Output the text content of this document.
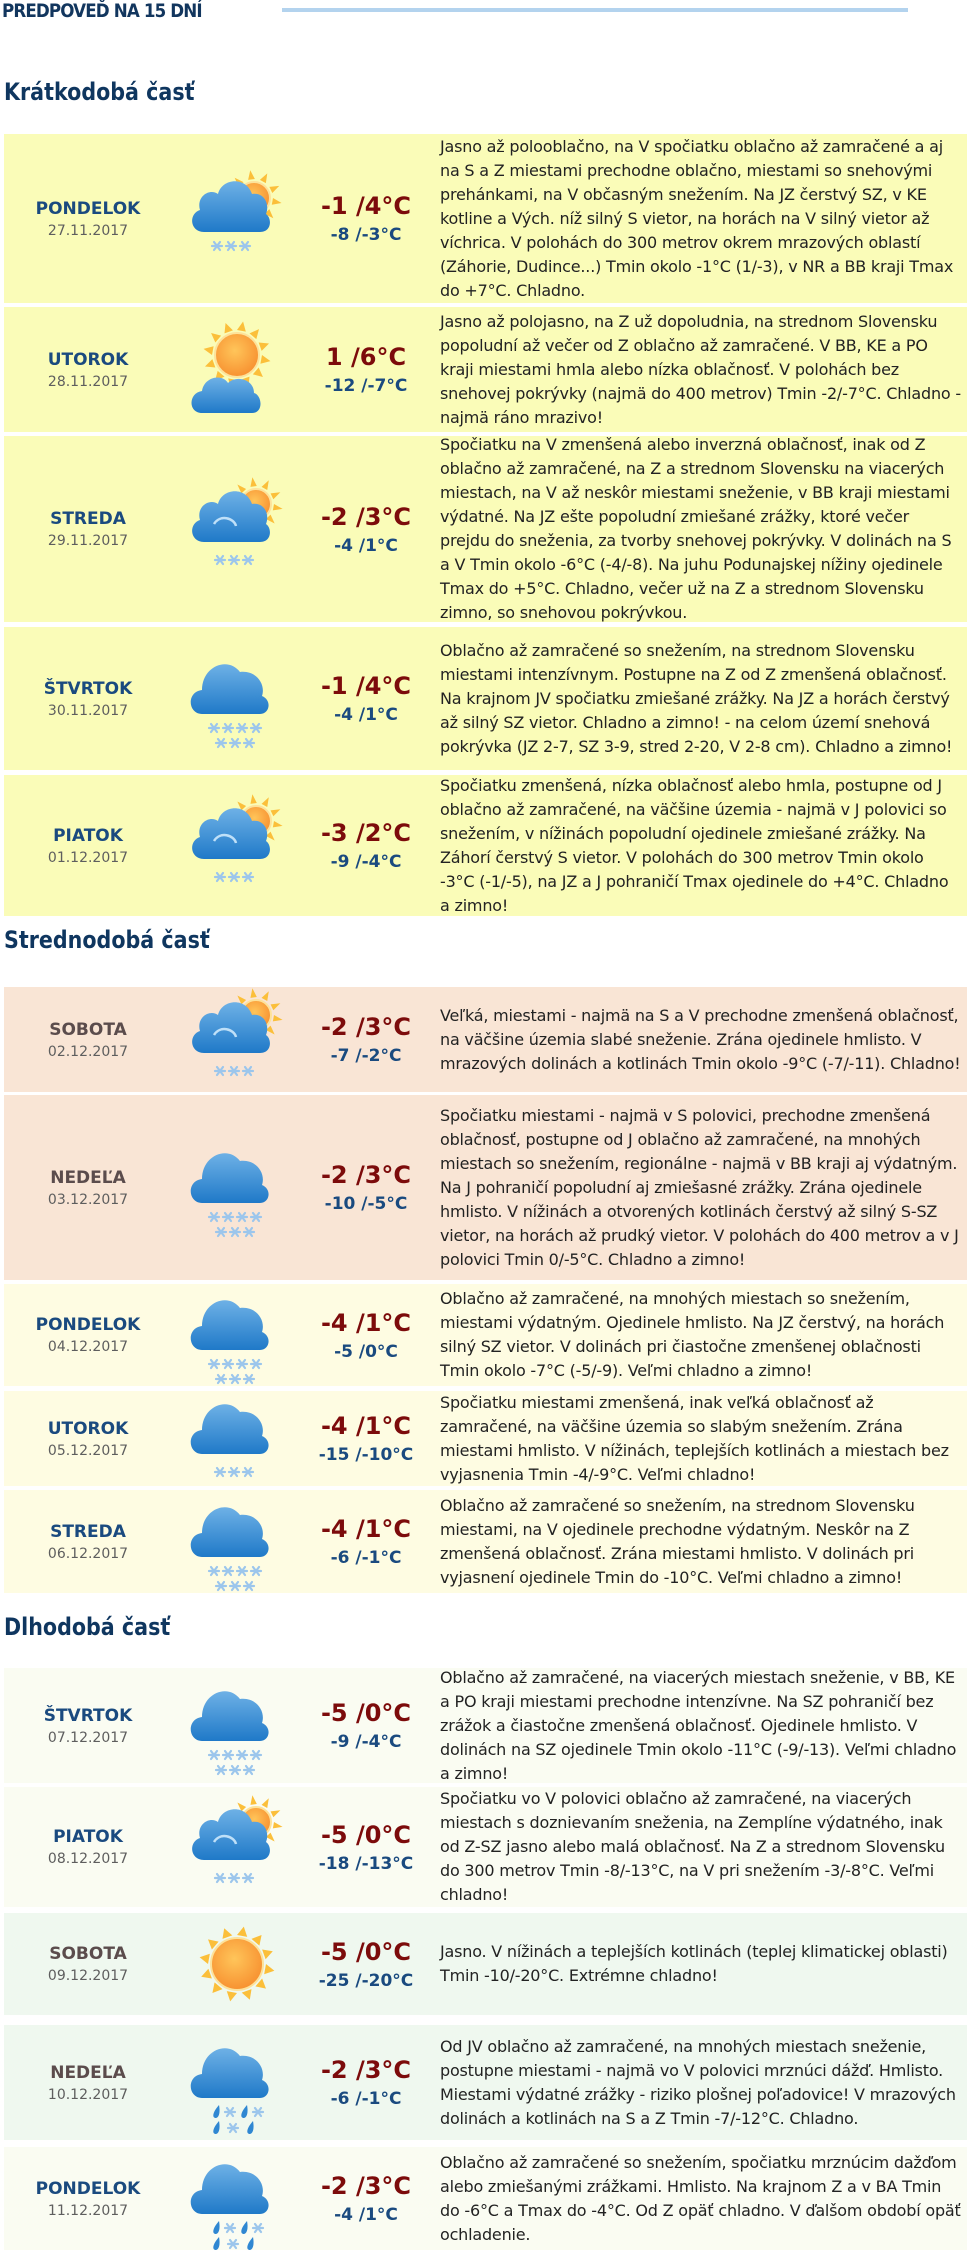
PREDPOVEĎ NA 15 DNÍ
Krátkodobá časť
PONDELOK
27.11.2017
-1 /4°C
-8 /-3°C
Jasno až polooblačno, na V spočiatku oblačno až zamračené a aj na S a Z miestami prechodne oblačno, miestami so snehovými prehánkami, na V občasným snežením. Na JZ čerstvý SZ, v KE kotline a Vých. níž silný S vietor, na horách na V silný vietor až víchrica. V polohách do 300 metrov okrem mrazových oblastí (Záhorie, Dudince...) Tmin okolo -1°C (1/-3), v NR a BB kraji Tmax do +7°C. Chladno.
UTOROK
28.11.2017
1 /6°C
-12 /-7°C
Jasno až polojasno, na Z už dopoludnia, na strednom Slovensku popoludní až večer od Z oblačno až zamračené. V BB, KE a PO kraji miestami hmla alebo nízka oblačnosť. V polohách bez snehovej pokrývky (najmä do 400 metrov) Tmin -2/-7°C. Chladno - najmä ráno mrazivo!
STREDA
29.11.2017
-2 /3°C
-4 /1°C
Spočiatku na V zmenšená alebo inverzná oblačnosť, inak od Z oblačno až zamračené, na Z a strednom Slovensku na viacerých miestach, na V až neskôr miestami sneženie, v BB kraji miestami výdatné. Na JZ ešte popoludní zmiešané zrážky, ktoré večer prejdu do sneženia, za tvorby snehovej pokrývky. V dolinách na S a V Tmin okolo -6°C (-4/-8). Na juhu Podunajskej nížiny ojedinele Tmax do +5°C. Chladno, večer už na Z a strednom Slovensku zimno, so snehovou pokrývkou.
ŠTVRTOK
30.11.2017
-1 /4°C
-4 /1°C
Oblačno až zamračené so snežením, na strednom Slovensku miestami intenzívnym. Postupne na Z od Z zmenšená oblačnosť. Na krajnom JV spočiatku zmiešané zrážky. Na JZ a horách čerstvý až silný SZ vietor. Chladno a zimno! - na celom území snehová pokrývka (JZ 2-7, SZ 3-9, stred 2-20, V 2-8 cm). Chladno a zimno!
PIATOK
01.12.2017
-3 /2°C
-9 /-4°C
Spočiatku zmenšená, nízka oblačnosť alebo hmla, postupne od J oblačno až zamračené, na väčšine územia - najmä v J polovici so snežením, v nížinách popoludní ojedinele zmiešané zrážky. Na Záhorí čerstvý S vietor. V polohách do 300 metrov Tmin okolo -3°C (-1/-5), na JZ a J pohraničí Tmax ojedinele do +4°C. Chladno a zimno!
Strednodobá časť
SOBOTA
02.12.2017
-2 /3°C
-7 /-2°C
Veľká, miestami - najmä na S a V prechodne zmenšená oblačnosť, na väčšine územia slabé sneženie. Zrána ojedinele hmlisto. V mrazových dolinách a kotlinách Tmin okolo -9°C (-7/-11). Chladno!
NEDEĽA
03.12.2017
-2 /3°C
-10 /-5°C
Spočiatku miestami - najmä v S polovici, prechodne zmenšená oblačnosť, postupne od J oblačno až zamračené, na mnohých miestach so snežením, regionálne - najmä v BB kraji aj výdatným. Na J pohraničí popoludní aj zmiešasné zrážky. Zrána ojedinele hmlisto. V nížinách a otvorených kotlinách čerstvý až silný S-SZ vietor, na horách až prudký vietor. V polohách do 400 metrov a v J polovici Tmin 0/-5°C. Chladno a zimno!
PONDELOK
04.12.2017
-4 /1°C
-5 /0°C
Oblačno až zamračené, na mnohých miestach so snežením, miestami výdatným. Ojedinele hmlisto. Na JZ čerstvý, na horách silný SZ vietor. V dolinách pri čiastočne zmenšenej oblačnosti Tmin okolo -7°C (-5/-9). Veľmi chladno a zimno!
UTOROK
05.12.2017
-4 /1°C
-15 /-10°C
Spočiatku miestami zmenšená, inak veľká oblačnosť až zamračené, na väčšine územia so slabým snežením. Zrána miestami hmlisto. V nížinách, teplejších kotlinách a miestach bez vyjasnenia Tmin -4/-9°C. Veľmi chladno!
STREDA
06.12.2017
-4 /1°C
-6 /-1°C
Oblačno až zamračené so snežením, na strednom Slovensku miestami, na V ojedinele prechodne výdatným. Neskôr na Z zmenšená oblačnosť. Zrána miestami hmlisto. V dolinách pri vyjasnení ojedinele Tmin do -10°C. Veľmi chladno a zimno!
Dlhodobá časť
ŠTVRTOK
07.12.2017
-5 /0°C
-9 /-4°C
Oblačno až zamračené, na viacerých miestach sneženie, v BB, KE a PO kraji miestami prechodne intenzívne. Na SZ pohraničí bez zrážok a čiastočne zmenšená oblačnosť. Ojedinele hmlisto. V dolinách na SZ ojedinele Tmin okolo -11°C (-9/-13). Veľmi chladno a zimno!
PIATOK
08.12.2017
-5 /0°C
-18 /-13°C
Spočiatku vo V polovici oblačno až zamračené, na viacerých miestach s doznievaním sneženia, na Zemplíne výdatného, inak od Z-SZ jasno alebo malá oblačnosť. Na Z a strednom Slovensku do 300 metrov Tmin -8/-13°C, na V pri snežením -3/-8°C. Veľmi chladno!
SOBOTA
09.12.2017
-5 /0°C
-25 /-20°C
Jasno. V nížinách a teplejších kotlinách (teplej klimatickej oblasti) Tmin -10/-20°C. Extrémne chladno!
NEDEĽA
10.12.2017
-2 /3°C
-6 /-1°C
Od JV oblačno až zamračené, na mnohých miestach sneženie, postupne miestami - najmä vo V polovici mrznúci dážď. Hmlisto. Miestami výdatné zrážky - riziko plošnej poľadovice! V mrazových dolinách a kotlinách na S a Z Tmin -7/-12°C. Chladno.
PONDELOK
11.12.2017
-2 /3°C
-4 /1°C
Oblačno až zamračené so snežením, spočiatku mrznúcim dažďom alebo zmiešanými zrážkami. Hmlisto. Na krajnom Z a v BA Tmin do -6°C a Tmax do -4°C. Od Z opäť chladno. V ďalšom období opäť ochladenie.
